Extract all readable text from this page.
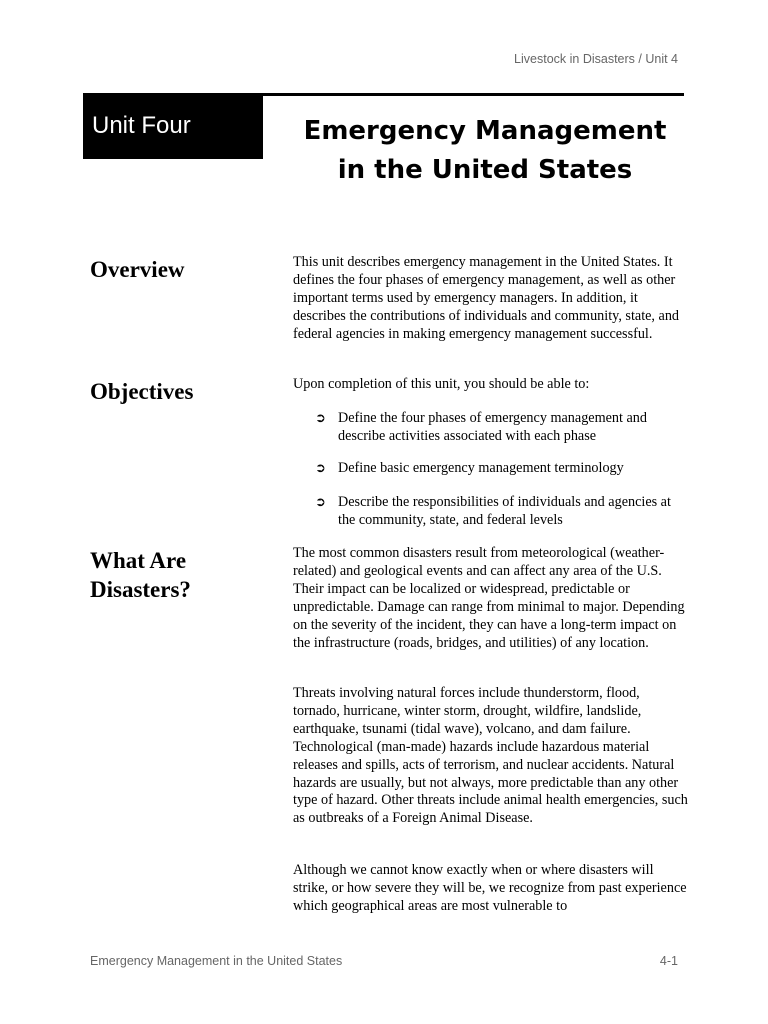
Livestock in Disasters / Unit 4
Unit Four	Emergency Management
in the United States
Overview	This unit describes emergency management in the United States. It defines the four phases of emergency management, as well as other important terms used by emergency managers. In addition, it describes the contributions of individuals and community, state, and federal agencies in making emergency management successful.
Objectives	Upon completion of this unit, you should be able to:
➲ Define the four phases of emergency management and describe activities associated with each phase
➲ Define basic emergency management terminology
➲ Describe the responsibilities of individuals and agencies at the community, state, and federal levels
What Are
Disasters?
The most common disasters result from meteorological (weather-related) and geological events and can affect any area of the U.S. Their impact can be localized or widespread, predictable or unpredictable. Damage can range from minimal to major. Depending on the severity of the incident, they can have a long-term impact on the infrastructure (roads, bridges, and utilities) of any location.
Threats involving natural forces include thunderstorm, flood, tornado, hurricane, winter storm, drought, wildfire, landslide, earthquake, tsunami (tidal wave), volcano, and dam failure. Technological (man-made) hazards include hazardous material releases and spills, acts of terrorism, and nuclear accidents. Natural hazards are usually, but not always, more predictable than any other type of hazard. Other threats include animal health emergencies, such as outbreaks of a Foreign Animal Disease.
Although we cannot know exactly when or where disasters will strike, or how severe they will be, we recognize from past experience which geographical areas are most vulnerable to
Emergency Management in the United States	4-1
